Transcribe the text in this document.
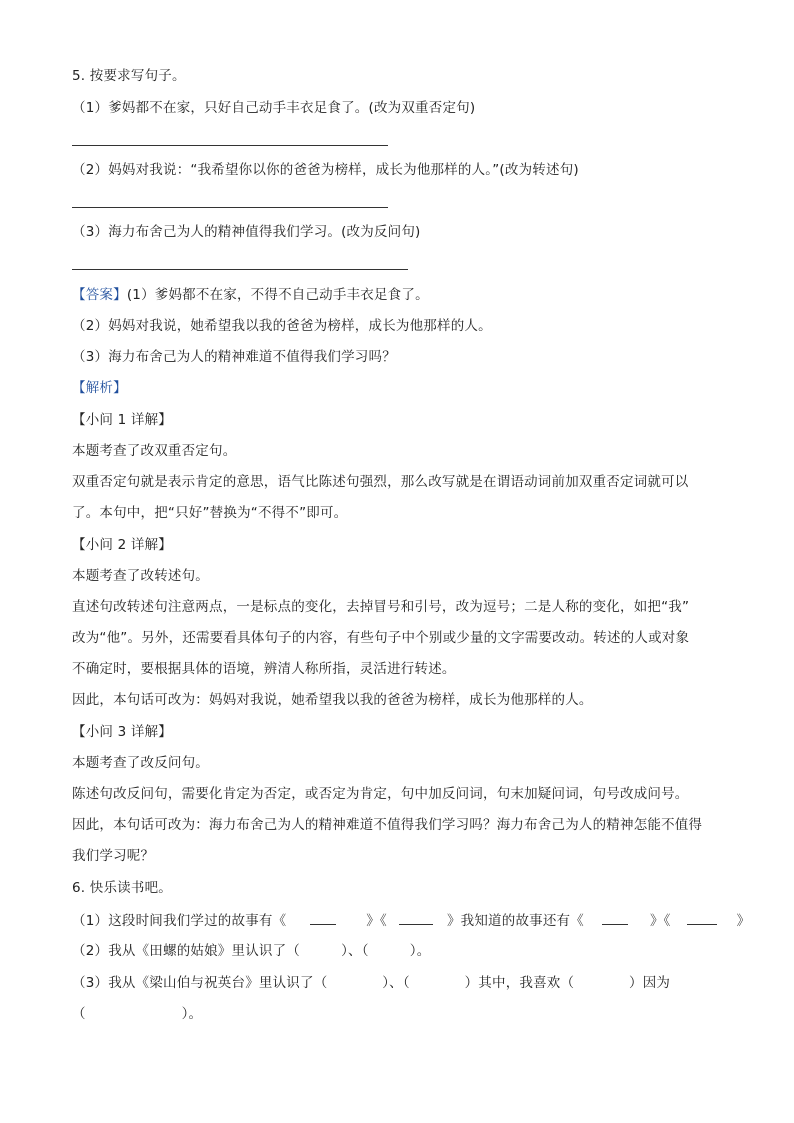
5. 按要求写句子。
（1）爹妈都不在家，只好自己动手丰衣足食了。(改为双重否定句)
（2）妈妈对我说：“我希望你以你的爸爸为榜样，成长为他那样的人。”(改为转述句)
（3）海力布舍己为人的精神值得我们学习。(改为反问句)
【答案】(1）爹妈都不在家，不得不自己动手丰衣足食了。
（2）妈妈对我说，她希望我以我的爸爸为榜样，成长为他那样的人。
（3）海力布舍己为人的精神难道不值得我们学习吗？
【解析】
【小问 1 详解】
本题考查了改双重否定句。
双重否定句就是表示肯定的意思，语气比陈述句强烈，那么改写就是在谓语动词前加双重否定词就可以
了。本句中，把“只好”替换为“不得不”即可。
【小问 2 详解】
本题考查了改转述句。
直述句改转述句注意两点，一是标点的变化，去掉冒号和引号，改为逗号；二是人称的变化，如把“我”
改为“他”。另外，还需要看具体句子的内容，有些句子中个别或少量的文字需要改动。转述的人或对象
不确定时，要根据具体的语境，辨清人称所指，灵活进行转述。
因此，本句话可改为：妈妈对我说，她希望我以我的爸爸为榜样，成长为他那样的人。
【小问 3 详解】
本题考查了改反问句。
陈述句改反问句，需要化肯定为否定，或否定为肯定，句中加反问词，句末加疑问词，句号改成问号。
因此，本句话可改为：海力布舍己为人的精神难道不值得我们学习吗？海力布舍己为人的精神怎能不值得
我们学习呢？
6. 快乐读书吧。
（1）这段时间我们学过的故事有《	》《	》我知道的故事还有《	》《	》
（2）我从《田螺的姑娘》里认识了（　　　）、（　　　）。
（3）我从《梁山伯与祝英台》里认识了（　　　　）、（　　　　）其中，我喜欢（　　　　）因为
（　　　　　　　）。
